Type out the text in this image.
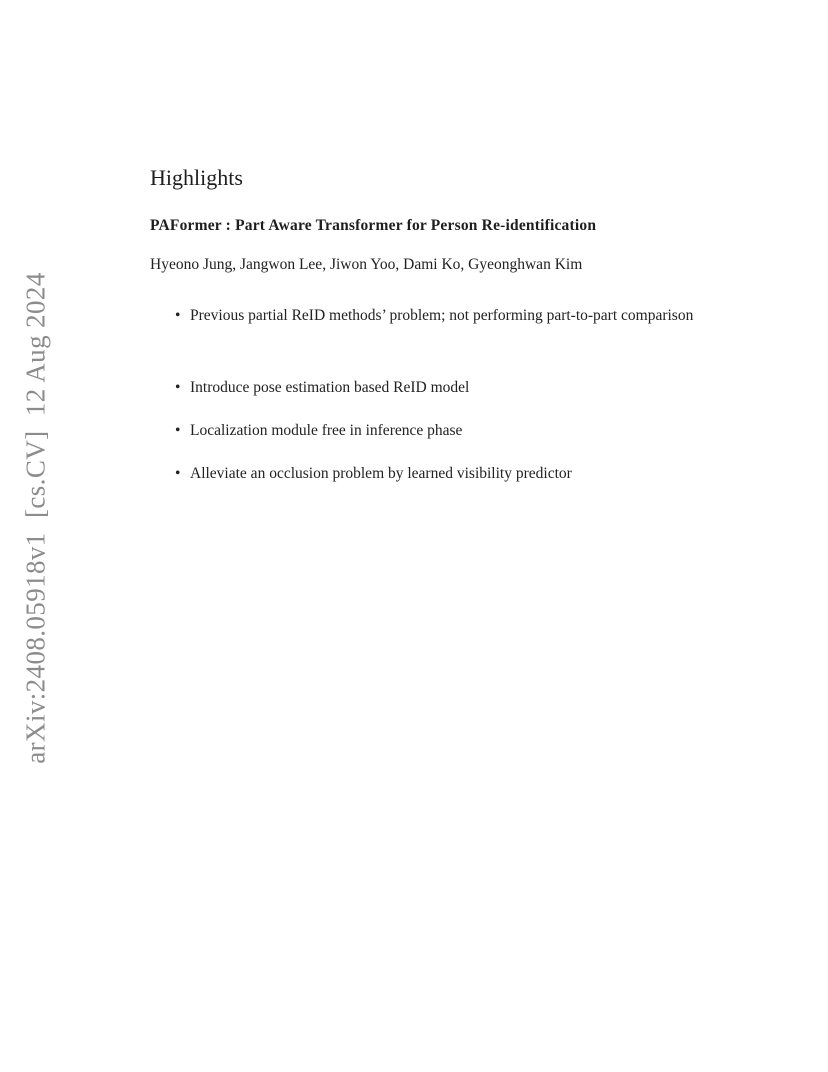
arXiv:2408.05918v1  [cs.CV]  12 Aug 2024
Highlights
PAFormer : Part Aware Transformer for Person Re-identification

Hyeono Jung, Jangwon Lee, Jiwon Yoo, Dami Ko, Gyeonghwan Kim

• Previous partial ReID methods’ problem; not performing part-to-part comparison
• Introduce pose estimation based ReID model
• Localization module free in inference phase
• Alleviate an occlusion problem by learned visibility predictor
